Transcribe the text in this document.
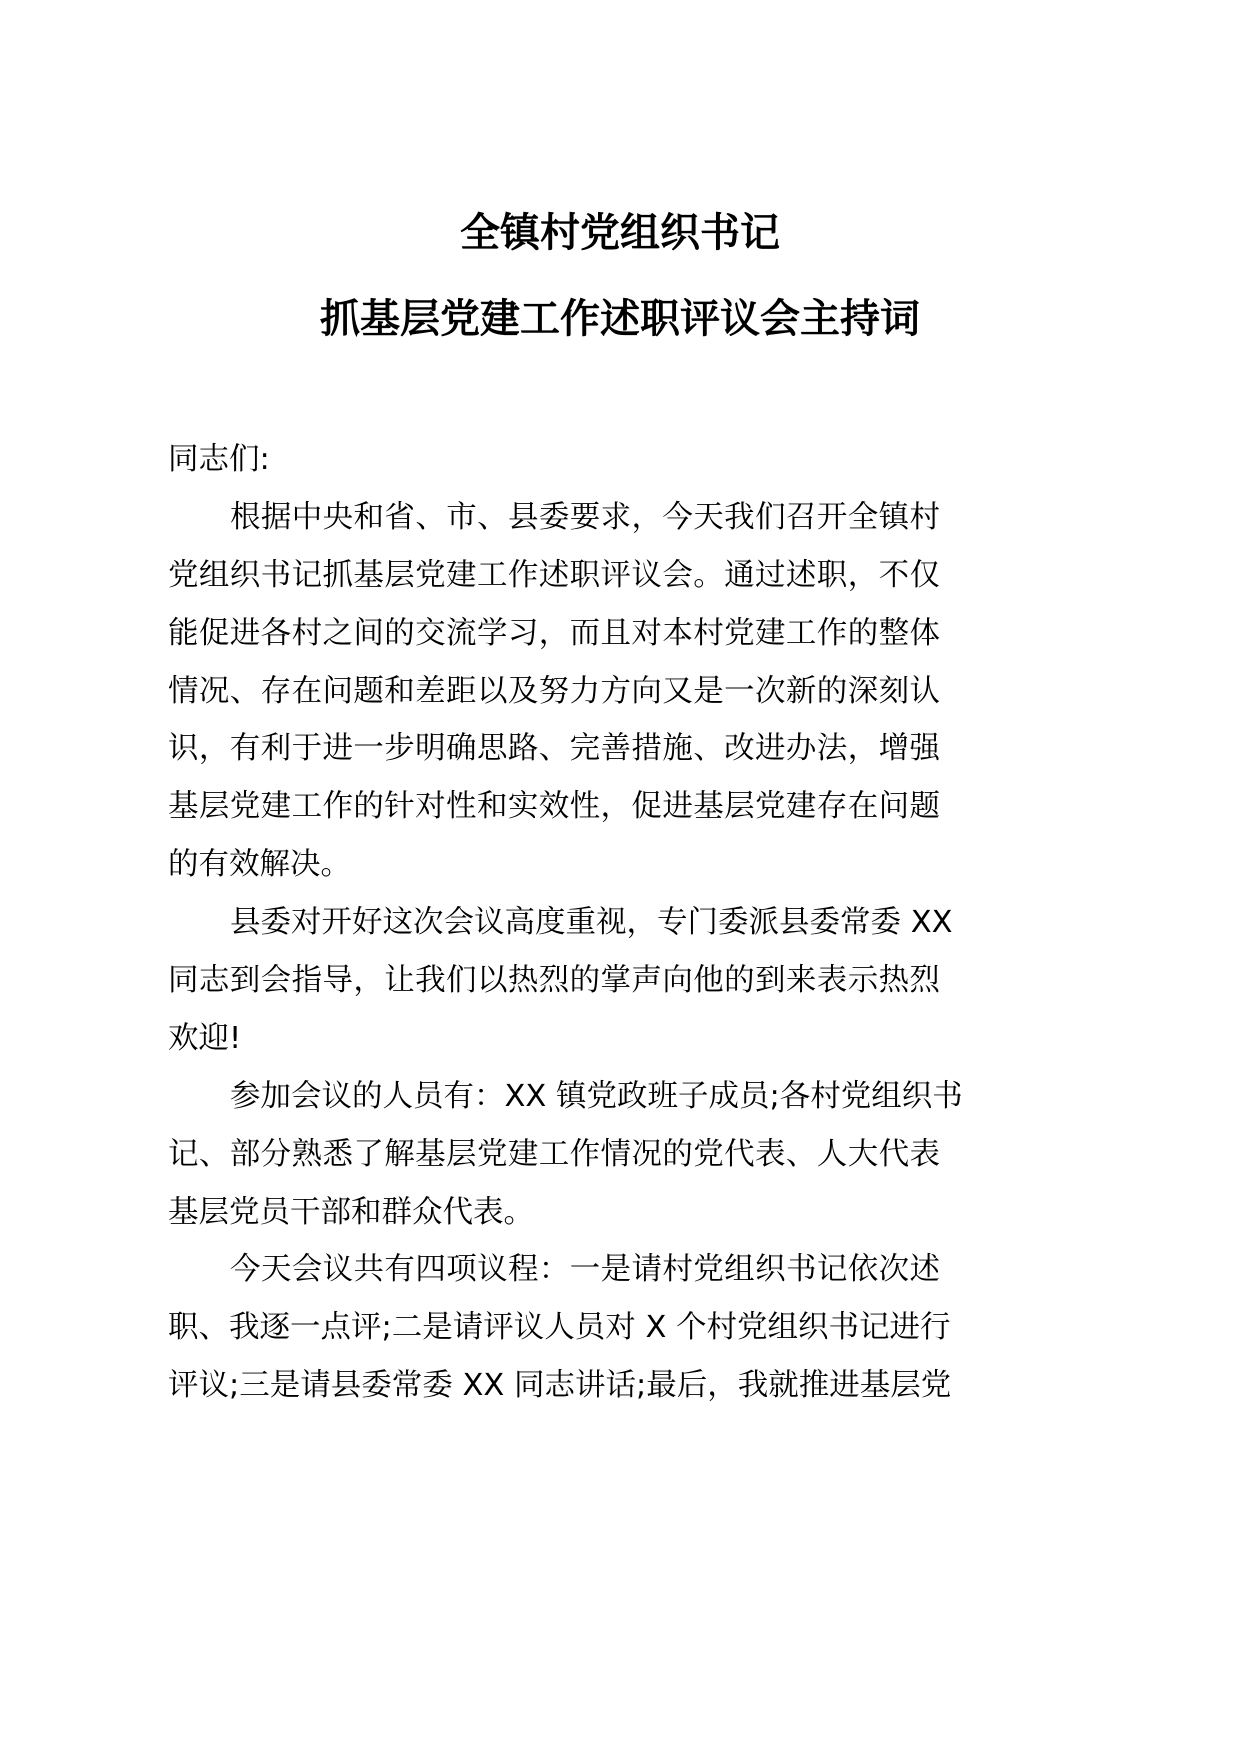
全镇村党组织书记
抓基层党建工作述职评议会主持词
同志们:
根据中央和省、市、县委要求，今天我们召开全镇村
党组织书记抓基层党建工作述职评议会。通过述职，不仅
能促进各村之间的交流学习，而且对本村党建工作的整体
情况、存在问题和差距以及努力方向又是一次新的深刻认
识，有利于进一步明确思路、完善措施、改进办法，增强
基层党建工作的针对性和实效性，促进基层党建存在问题
的有效解决。
县委对开好这次会议高度重视，专门委派县委常委 XX
同志到会指导，让我们以热烈的掌声向他的到来表示热烈
欢迎!
参加会议的人员有：XX 镇党政班子成员;各村党组织书
记、部分熟悉了解基层党建工作情况的党代表、人大代表
基层党员干部和群众代表。
今天会议共有四项议程：一是请村党组织书记依次述
职、我逐一点评;二是请评议人员对 X 个村党组织书记进行
评议;三是请县委常委 XX 同志讲话;最后，我就推进基层党
